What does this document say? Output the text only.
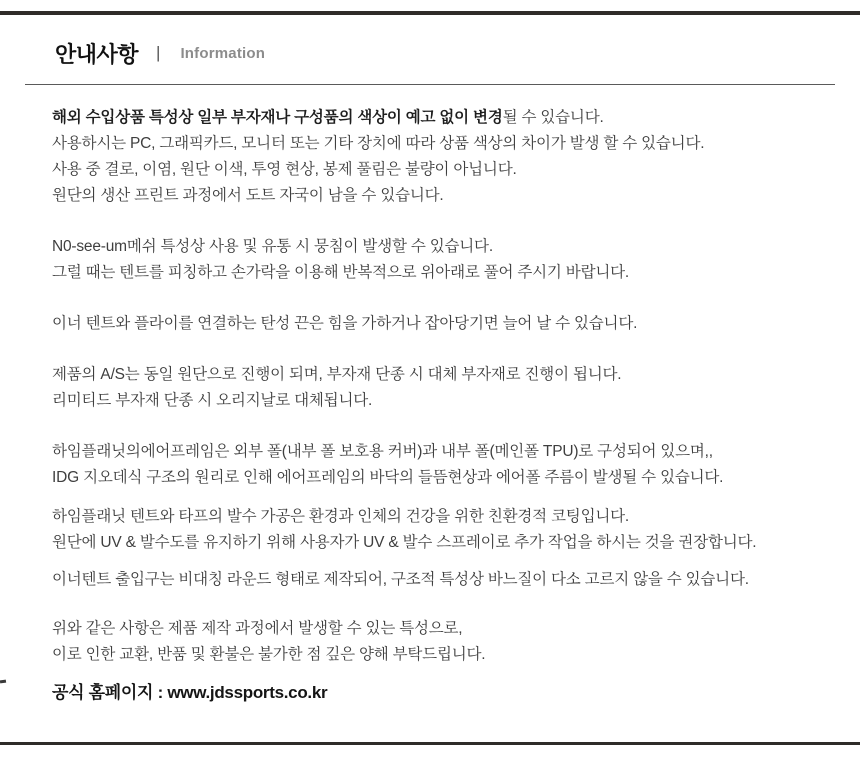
안내사항 | Information
해외 수입상품 특성상 일부 부자재나 구성품의 색상이 예고 없이 변경될 수 있습니다.
사용하시는 PC, 그래픽카드, 모니터 또는 기타 장치에 따라 상품 색상의 차이가 발생 할 수 있습니다.
사용 중 결로, 이염, 원단 이색, 투영 현상, 봉제 풀림은 불량이 아닙니다.
원단의 생산 프린트 과정에서 도트 자국이 남을 수 있습니다.
N0-see-um메쉬 특성상 사용 및 유통 시 뭉침이 발생할 수 있습니다.
그럴 때는 텐트를 피칭하고 손가락을 이용해 반복적으로 위아래로 풀어 주시기 바랍니다.
이너 텐트와 플라이를 연결하는 탄성 끈은 힘을 가하거나 잡아당기면 늘어 날 수 있습니다.
제품의 A/S는 동일 원단으로 진행이 되며, 부자재 단종 시 대체 부자재로 진행이 됩니다.
리미티드 부자재 단종 시 오리지날로 대체됩니다.
하임플래닛의에어프레임은 외부 폴(내부 폴 보호용 커버)과 내부 폴(메인폴 TPU)로 구성되어 있으며,,
IDG 지오데식 구조의 원리로 인해 에어프레임의 바닥의 들뜸현상과 에어폴 주름이 발생될 수 있습니다.
하임플래닛 텐트와 타프의 발수 가공은 환경과 인체의 건강을 위한 친환경적 코팅입니다.
원단에 UV & 발수도를 유지하기 위해 사용자가 UV & 발수 스프레이로 추가 작업을 하시는 것을 권장합니다.
이너텐트 출입구는 비대칭 라운드 형태로 제작되어, 구조적 특성상 바느질이 다소 고르지 않을 수 있습니다.
위와 같은 사항은 제품 제작 과정에서 발생할 수 있는 특성으로,
이로 인한 교환, 반품 및 환불은 불가한 점 깊은 양해 부탁드립니다.
공식 홈페이지 : www.jdssports.co.kr
